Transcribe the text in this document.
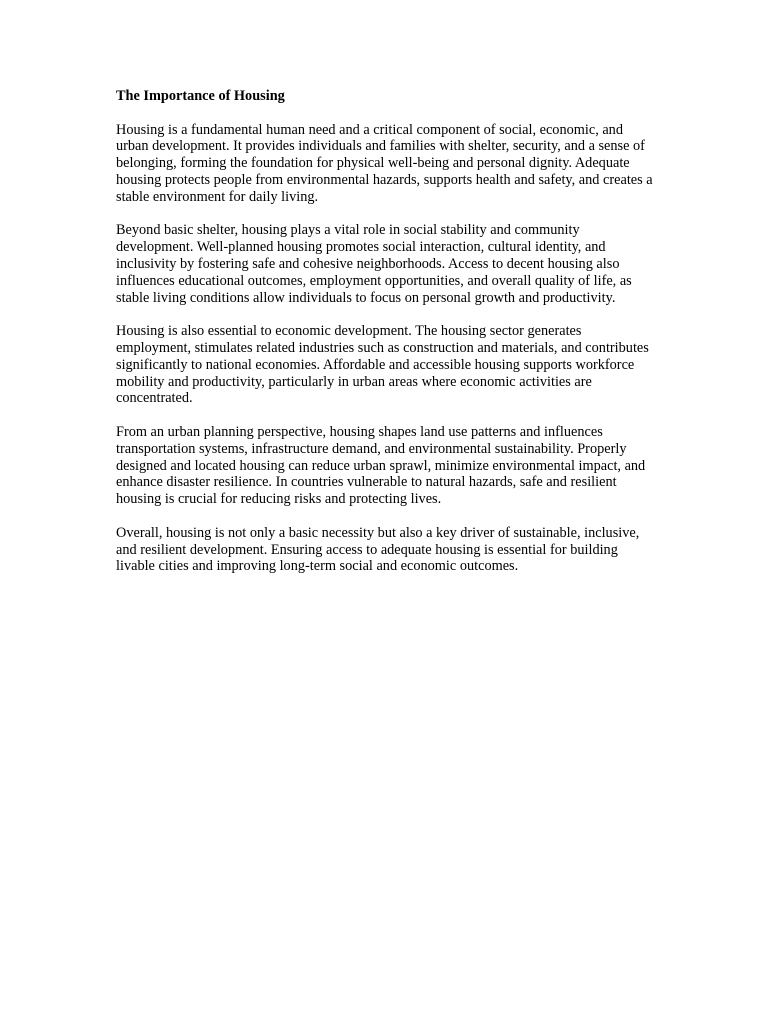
The Importance of Housing

Housing is a fundamental human need and a critical component of social, economic, and urban development. It provides individuals and families with shelter, security, and a sense of belonging, forming the foundation for physical well-being and personal dignity. Adequate housing protects people from environmental hazards, supports health and safety, and creates a stable environment for daily living.

Beyond basic shelter, housing plays a vital role in social stability and community development. Well-planned housing promotes social interaction, cultural identity, and inclusivity by fostering safe and cohesive neighborhoods. Access to decent housing also influences educational outcomes, employment opportunities, and overall quality of life, as stable living conditions allow individuals to focus on personal growth and productivity.

Housing is also essential to economic development. The housing sector generates employment, stimulates related industries such as construction and materials, and contributes significantly to national economies. Affordable and accessible housing supports workforce mobility and productivity, particularly in urban areas where economic activities are concentrated.

From an urban planning perspective, housing shapes land use patterns and influences transportation systems, infrastructure demand, and environmental sustainability. Properly designed and located housing can reduce urban sprawl, minimize environmental impact, and enhance disaster resilience. In countries vulnerable to natural hazards, safe and resilient housing is crucial for reducing risks and protecting lives.

Overall, housing is not only a basic necessity but also a key driver of sustainable, inclusive, and resilient development. Ensuring access to adequate housing is essential for building livable cities and improving long-term social and economic outcomes.
